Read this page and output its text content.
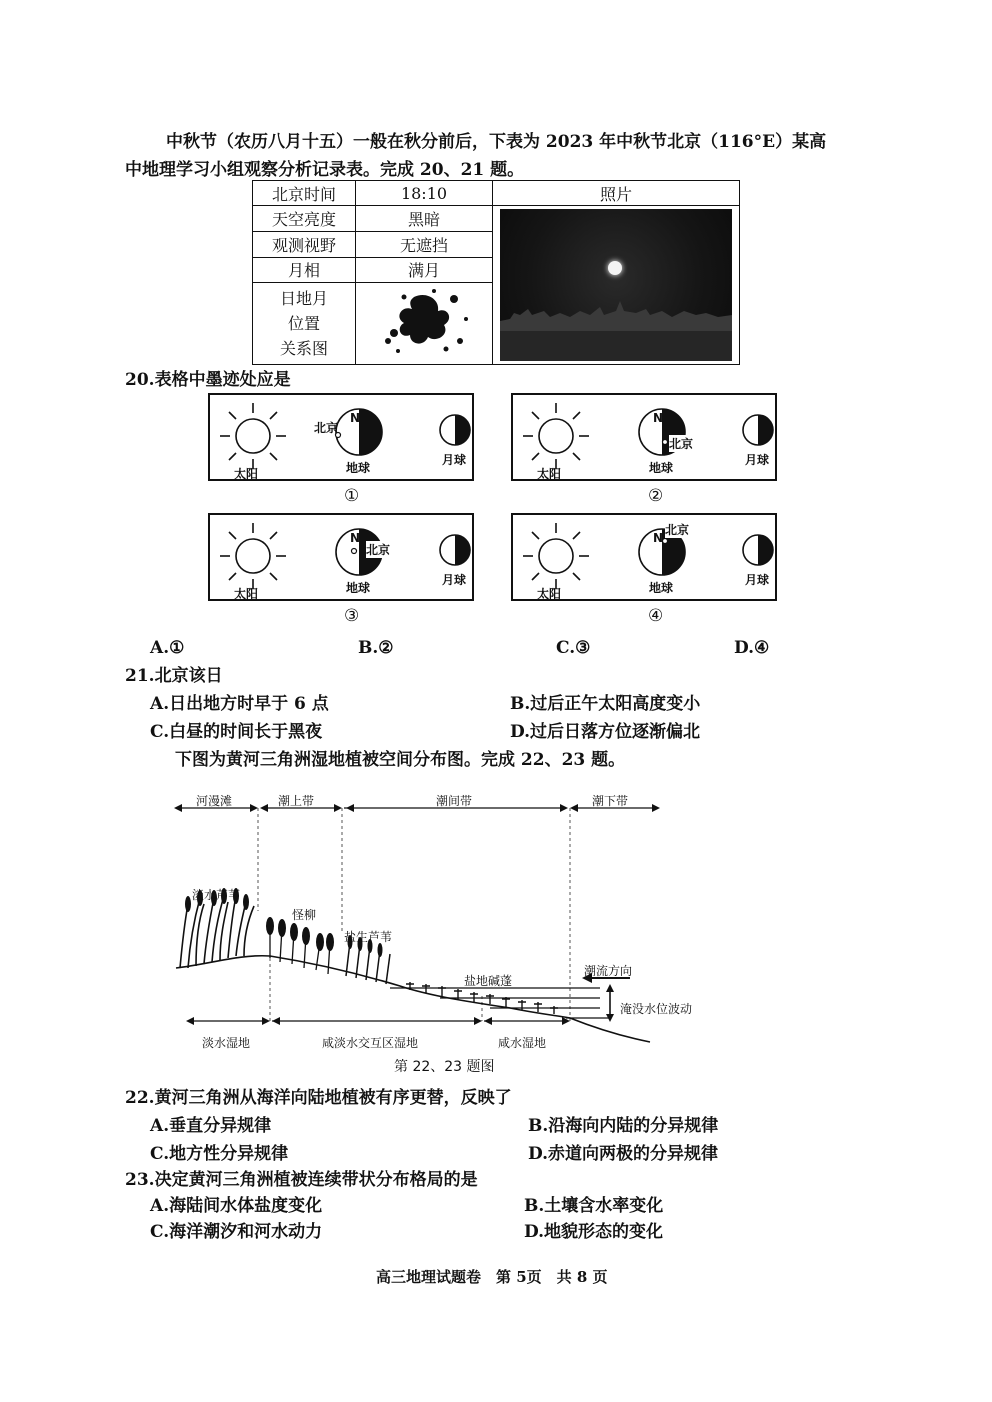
中秋节（农历八月十五）一般在秋分前后，下表为 2023 年中秋节北京（116°E）某高
中地理学习小组观察分析记录表。完成 20、21 题。
北京时间	18:10	照片
天空亮度	黑暗	

观测视野	无遮挡	
月相	满月	

日地月
位置
关系图

20.表格中墨迹处应是
太阳
N
北京
地球
月球
①
太阳
N
北京
地球
月球
②
太阳
N
北京
地球
月球
③
太阳
N
北京
地球
月球
④
A.①	B.②	C.③	D.④
21.北京该日
A.日出地方时早于 6 点	B.过后正午太阳高度变小
C.白昼的时间长于黑夜	D.过后日落方位逐渐偏北
下图为黄河三角洲湿地植被空间分布图。完成 22、23 题。
河漫滩	潮上带	潮间带	潮下带
淡水芦苇
怪柳
盐生芦苇
盐地碱蓬
潮流方向
淹没水位波动
淡水湿地	咸淡水交互区湿地	咸水湿地
第 22、23 题图
22.黄河三角洲从海洋向陆地植被有序更替，反映了
A.垂直分异规律	B.沿海向内陆的分异规律
C.地方性分异规律	D.赤道向两极的分异规律
23.决定黄河三角洲植被连续带状分布格局的是
A.海陆间水体盐度变化	B.土壤含水率变化
C.海洋潮汐和河水动力	D.地貌形态的变化
高三地理试题卷　第 5页　共 8 页
